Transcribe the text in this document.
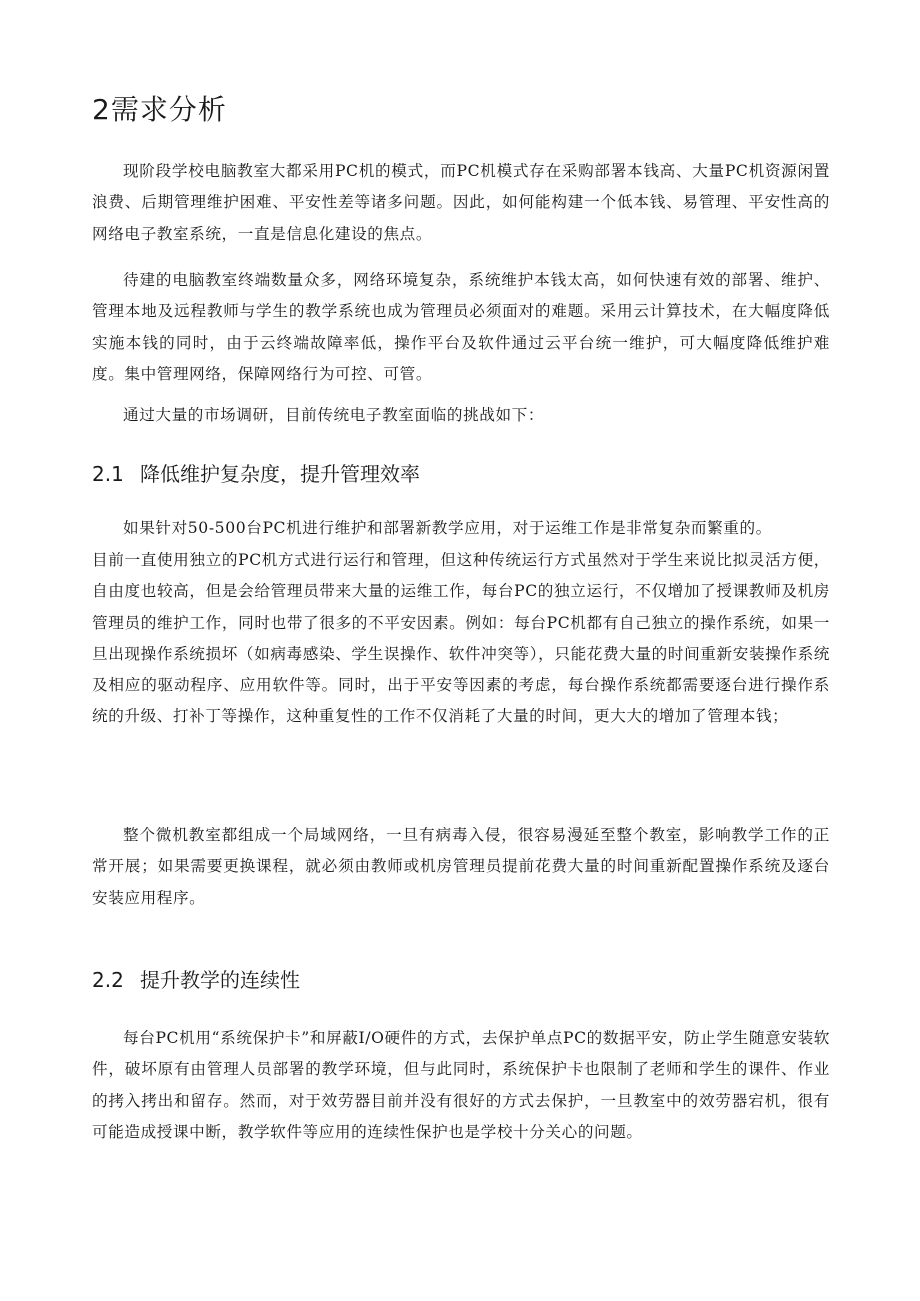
2需求分析

现阶段学校电脑教室大都采用PC机的模式，而PC机模式存在采购部署本钱高、大量PC机资源闲置浪费、后期管理维护困难、平安性差等诸多问题。因此，如何能构建一个低本钱、易管理、平安性高的网络电子教室系统，一直是信息化建设的焦点。

待建的电脑教室终端数量众多，网络环境复杂，系统维护本钱太高，如何快速有效的部署、维护、管理本地及远程教师与学生的教学系统也成为管理员必须面对的难题。采用云计算技术，在大幅度降低实施本钱的同时，由于云终端故障率低，操作平台及软件通过云平台统一维护，可大幅度降低维护难度。集中管理网络，保障网络行为可控、可管。

通过大量的市场调研，目前传统电子教室面临的挑战如下：

2.1 降低维护复杂度，提升管理效率

如果针对50-500台PC机进行维护和部署新教学应用，对于运维工作是非常复杂而繁重的。

目前一直使用独立的PC机方式进行运行和管理，但这种传统运行方式虽然对于学生来说比拟灵活方便，自由度也较高，但是会给管理员带来大量的运维工作，每台PC的独立运行，不仅增加了授课教师及机房管理员的维护工作，同时也带了很多的不平安因素。例如：每台PC机都有自己独立的操作系统，如果一旦出现操作系统损坏（如病毒感染、学生误操作、软件冲突等），只能花费大量的时间重新安装操作系统及相应的驱动程序、应用软件等。同时，出于平安等因素的考虑，每台操作系统都需要逐台进行操作系统的升级、打补丁等操作，这种重复性的工作不仅消耗了大量的时间，更大大的增加了管理本钱；

整个微机教室都组成一个局域网络，一旦有病毒入侵，很容易漫延至整个教室，影响教学工作的正常开展；如果需要更换课程，就必须由教师或机房管理员提前花费大量的时间重新配置操作系统及逐台安装应用程序。

2.2 提升教学的连续性

每台PC机用“系统保护卡”和屏蔽I/O硬件的方式，去保护单点PC的数据平安，防止学生随意安装软件，破坏原有由管理人员部署的教学环境，但与此同时，系统保护卡也限制了老师和学生的课件、作业的拷入拷出和留存。然而，对于效劳器目前并没有很好的方式去保护，一旦教室中的效劳器宕机，很有可能造成授课中断，教学软件等应用的连续性保护也是学校十分关心的问题。
